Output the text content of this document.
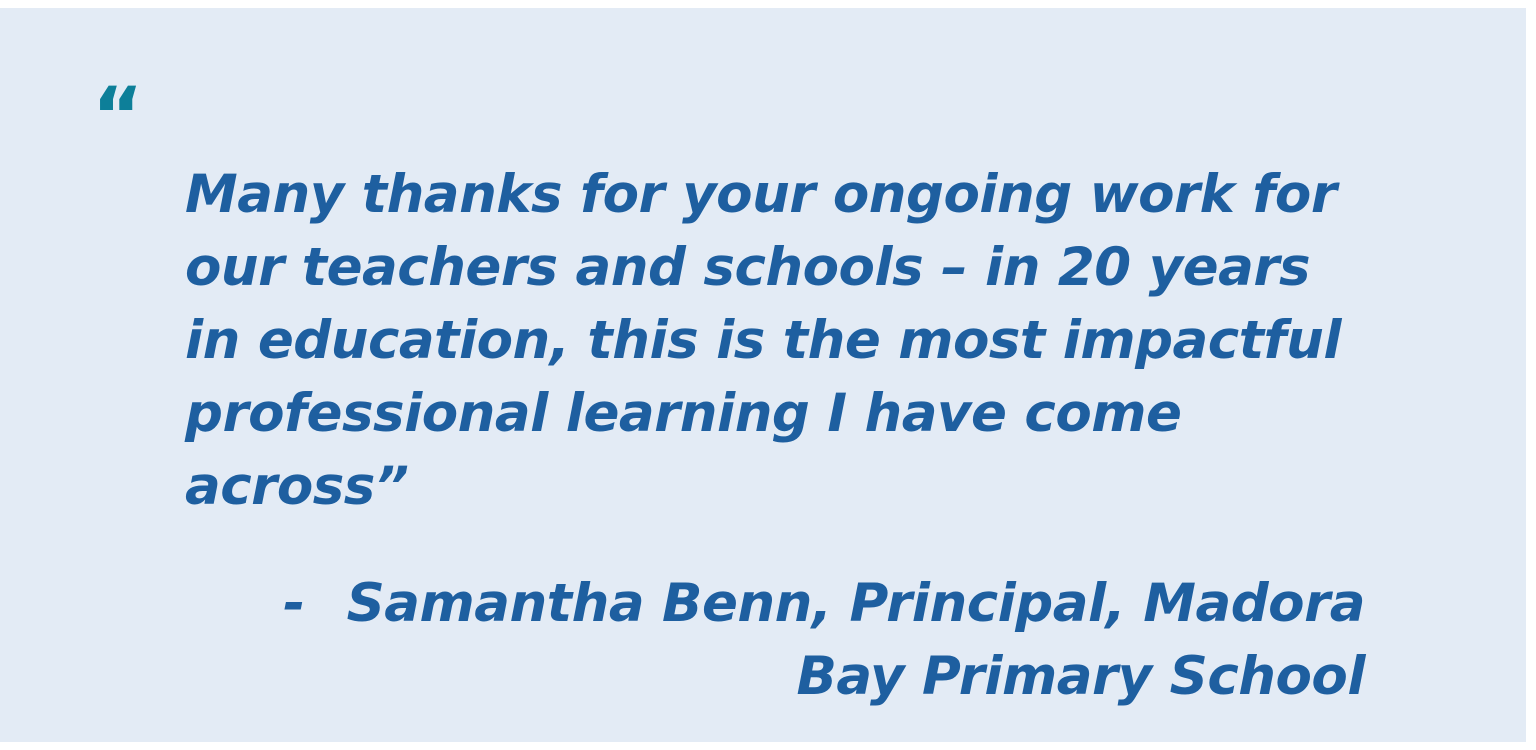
“

Many thanks for your ongoing work for

our teachers and schools – in 20 years

in education, this is the most impactful

professional learning I have come across”

- Samantha Benn, Principal, Madora
Bay Primary School
